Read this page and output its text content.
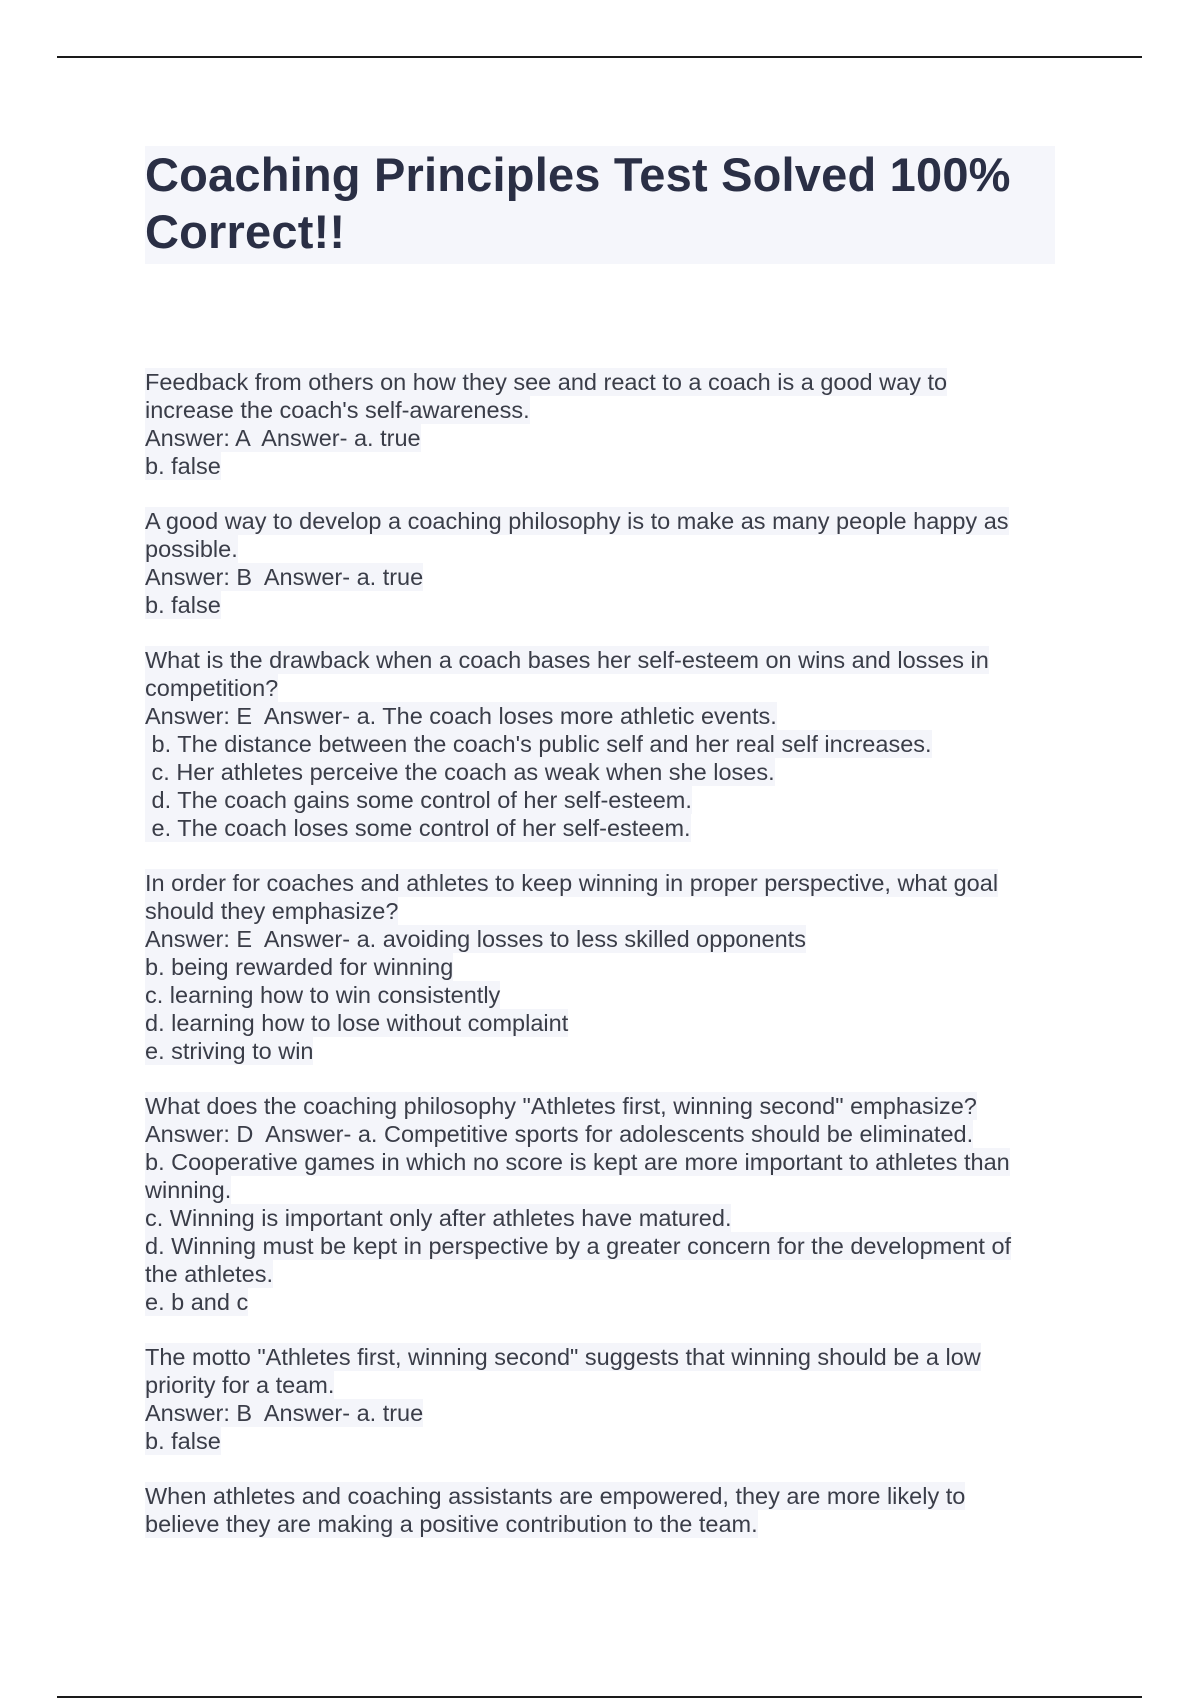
Coaching Principles Test Solved 100% Correct!!
Feedback from others on how they see and react to a coach is a good way to
increase the coach's self-awareness.
Answer: A  Answer- a. true
b. false
A good way to develop a coaching philosophy is to make as many people happy as
possible.
Answer: B  Answer- a. true
b. false
What is the drawback when a coach bases her self-esteem on wins and losses in
competition?
Answer: E  Answer- a. The coach loses more athletic events.
b. The distance between the coach's public self and her real self increases.
c. Her athletes perceive the coach as weak when she loses.
d. The coach gains some control of her self-esteem.
e. The coach loses some control of her self-esteem.
In order for coaches and athletes to keep winning in proper perspective, what goal
should they emphasize?
Answer: E  Answer- a. avoiding losses to less skilled opponents
b. being rewarded for winning
c. learning how to win consistently
d. learning how to lose without complaint
e. striving to win
What does the coaching philosophy "Athletes first, winning second" emphasize?
Answer: D  Answer- a. Competitive sports for adolescents should be eliminated.
b. Cooperative games in which no score is kept are more important to athletes than
winning.
c. Winning is important only after athletes have matured.
d. Winning must be kept in perspective by a greater concern for the development of
the athletes.
e. b and c
The motto "Athletes first, winning second" suggests that winning should be a low
priority for a team.
Answer: B  Answer- a. true
b. false
When athletes and coaching assistants are empowered, they are more likely to
believe they are making a positive contribution to the team.
